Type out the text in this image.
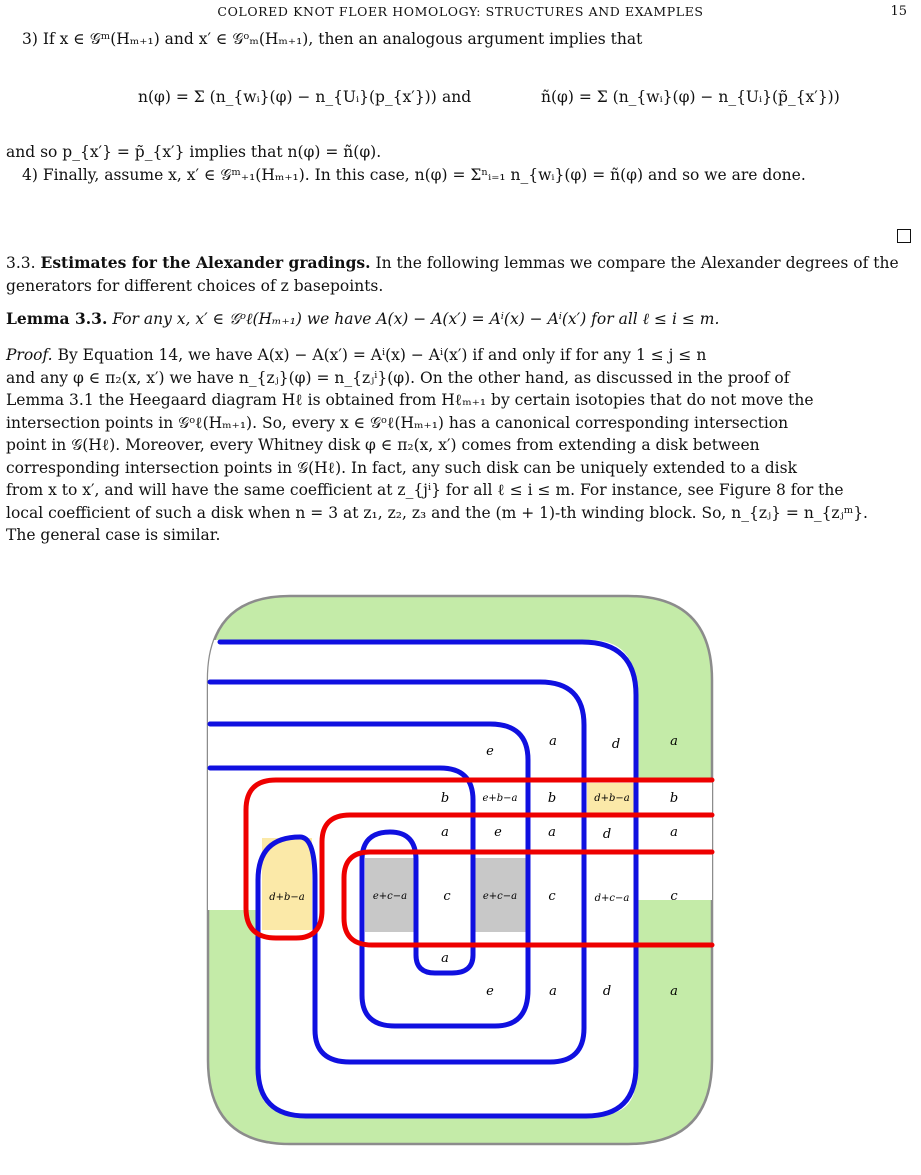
COLORED KNOT FLOER HOMOLOGY: STRUCTURES AND EXAMPLES	15
3) If x ∈ 𝒢ᵐ(Hₘ₊₁) and x′ ∈ 𝒢ᵒₘ(Hₘ₊₁), then an analogous argument implies that
n(φ) = Σ (n_{wᵢ}(φ) − n_{Uᵢ}(p_{x′})) and	ñ(φ) = Σ (n_{wᵢ}(φ) − n_{Uᵢ}(p̃_{x′}))
and so p_{x′} = p̃_{x′} implies that n(φ) = ñ(φ).
4) Finally, assume x, x′ ∈ 𝒢ᵐ₊₁(Hₘ₊₁). In this case, n(φ) = Σⁿᵢ₌₁ n_{wᵢ}(φ) = ñ(φ) and so we are done.
3.3. Estimates for the Alexander gradings. In the following lemmas we compare the Alexander degrees of the generators for different choices of z basepoints.
Lemma 3.3. For any x, x′ ∈ 𝒢ᵒℓ(Hₘ₊₁) we have A(x) − A(x′) = Aⁱ(x) − Aⁱ(x′) for all ℓ ≤ i ≤ m.
Proof. By Equation 14, we have A(x) − A(x′) = Aⁱ(x) − Aⁱ(x′) if and only if for any 1 ≤ j ≤ n
and any φ ∈ π₂(x, x′) we have n_{zⱼ}(φ) = n_{zⱼⁱ}(φ). On the other hand, as discussed in the proof of
Lemma 3.1 the Heegaard diagram Hℓ is obtained from Hℓₘ₊₁ by certain isotopies that do not move the
intersection points in 𝒢ᵒℓ(Hₘ₊₁). So, every x ∈ 𝒢ᵒℓ(Hₘ₊₁) has a canonical corresponding intersection
point in 𝒢(Hℓ). Moreover, every Whitney disk φ ∈ π₂(x, x′) comes from extending a disk between
corresponding intersection points in 𝒢(Hℓ). In fact, any such disk can be uniquely extended to a disk
from x to x′, and will have the same coefficient at z_{jⁱ} for all ℓ ≤ i ≤ m. For instance, see Figure 8 for the
local coefficient of such a disk when n = 3 at z₁, z₂, z₃ and the (m + 1)-th winding block. So, n_{zⱼ} = n_{zⱼᵐ}.
The general case is similar.
e
a	d	a
b	e+b−a b	d+b−a	b
a	e	a	d	a
d+b−a	e+c−a	c	e+c−a c	d+c−a	c
a
e	a	d	a
